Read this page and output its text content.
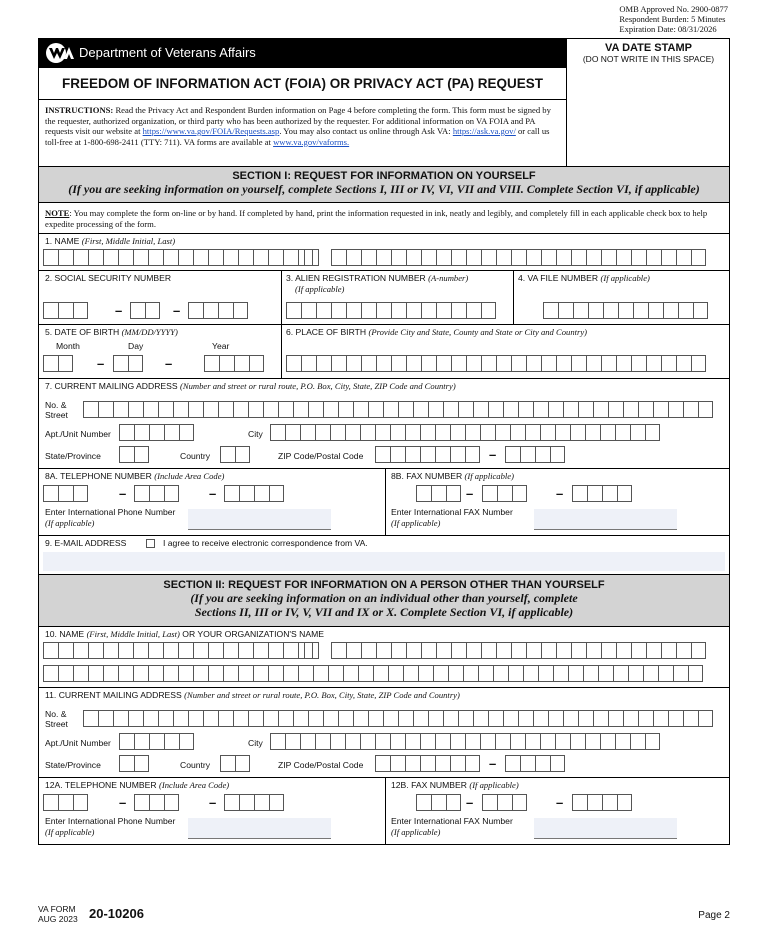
OMB Approved No. 2900-0877
Respondent Burden: 5 Minutes
Expiration Date: 08/31/2026
Department of Veterans Affairs
FREEDOM OF INFORMATION ACT (FOIA) OR PRIVACY ACT (PA) REQUEST
VA DATE STAMP
(DO NOT WRITE IN THIS SPACE)
INSTRUCTIONS: Read the Privacy Act and Respondent Burden information on Page 4 before completing the form. This form must be signed by the requester, authorized organization, or third party who has been authorized by the requester. For additional information on VA FOIA and PA requests visit our website at https://www.va.gov/FOIA/Requests.asp. You may also contact us online through Ask VA: https://ask.va.gov/ or call us toll-free at 1-800-698-2411 (TTY: 711). VA forms are available at www.va.gov/vaforms.
SECTION I: REQUEST FOR INFORMATION ON YOURSELF
(If you are seeking information on yourself, complete Sections I, III or IV, VI, VII and VIII. Complete Section VI, if applicable)
NOTE: You may complete the form on-line or by hand. If completed by hand, print the information requested in ink, neatly and legibly, and completely fill in each applicable check box to help expedite processing of the form.
1. NAME (First, Middle Initial, Last)
2. SOCIAL SECURITY NUMBER
–	–
3. ALIEN REGISTRATION NUMBER (A-number)
(If applicable)
4. VA FILE NUMBER (If applicable)
5. DATE OF BIRTH (MM/DD/YYYY)
Month	Day	Year
–	–
6. PLACE OF BIRTH (Provide City and State, County and State or City and Country)
7. CURRENT MAILING ADDRESS (Number and street or rural route, P.O. Box, City, State, ZIP Code and Country)
No. &
Street
Apt./Unit Number	City
State/Province	Country	ZIP Code/Postal Code	–
8A. TELEPHONE NUMBER (Include Area Code)
–	–
Enter International Phone Number
(If applicable)
8B. FAX NUMBER (If applicable)
–	–
Enter International FAX Number
(If applicable)
9. E-MAIL ADDRESS	I agree to receive electronic correspondence from VA.
SECTION II: REQUEST FOR INFORMATION ON A PERSON OTHER THAN YOURSELF
(If you are seeking information on an individual other than yourself, complete
Sections II, III or IV, V, VII and IX or X. Complete Section VI, if applicable)
10. NAME (First, Middle Initial, Last) OR YOUR ORGANIZATION'S NAME
11. CURRENT MAILING ADDRESS (Number and street or rural route, P.O. Box, City, State, ZIP Code and Country)
No. &
Street
Apt./Unit Number	City
State/Province	Country	ZIP Code/Postal Code	–
12A. TELEPHONE NUMBER (Include Area Code)
–	–
Enter International Phone Number
(If applicable)
12B. FAX NUMBER (If applicable)
–	–
Enter International FAX Number
(If applicable)
VA FORM
AUG 2023 20-10206	Page 2
